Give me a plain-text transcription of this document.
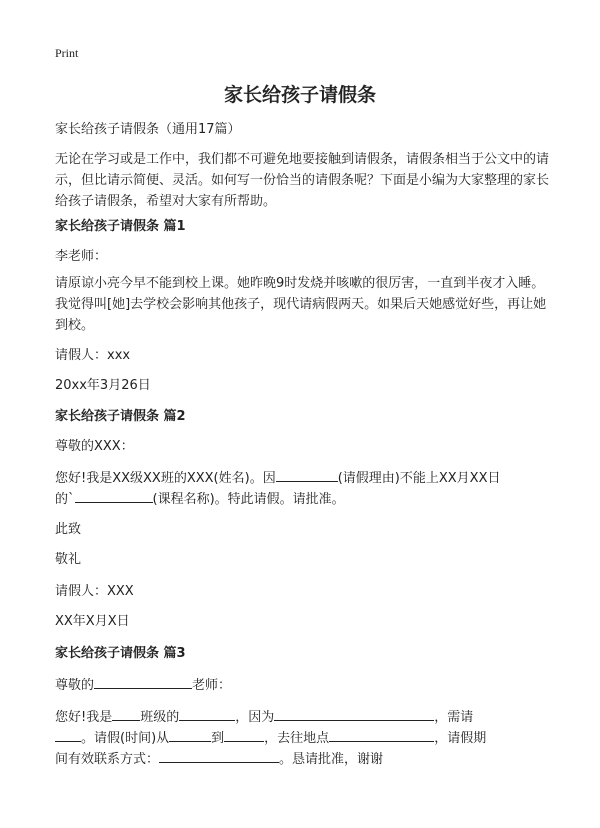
Print
家长给孩子请假条
家长给孩子请假条（通用17篇）
无论在学习或是工作中，我们都不可避免地要接触到请假条，请假条相当于公文中的请示，但比请示简便、灵活。如何写一份恰当的请假条呢？下面是小编为大家整理的家长给孩子请假条，希望对大家有所帮助。
家长给孩子请假条 篇1
李老师：
请原谅小亮今早不能到校上课。她昨晚9时发烧并咳嗽的很厉害，一直到半夜才入睡。我觉得叫[她]去学校会影响其他孩子，现代请病假两天。如果后天她感觉好些，再让她到校。
请假人：xxx
20xx年3月26日
家长给孩子请假条 篇2
尊敬的XXX：
您好!我是XX级XX班的XXX(姓名)。因	(请假理由)不能上XX月XX日
的`	(课程名称)。特此请假。请批准。
此致
敬礼
请假人：XXX
XX年X月X日
家长给孩子请假条 篇3
尊敬的	老师：
您好!我是 班级的	，因为	，需请
。请假(时间)从	到	，去往地点	，请假期
间有效联系方式：	。恳请批准，谢谢
